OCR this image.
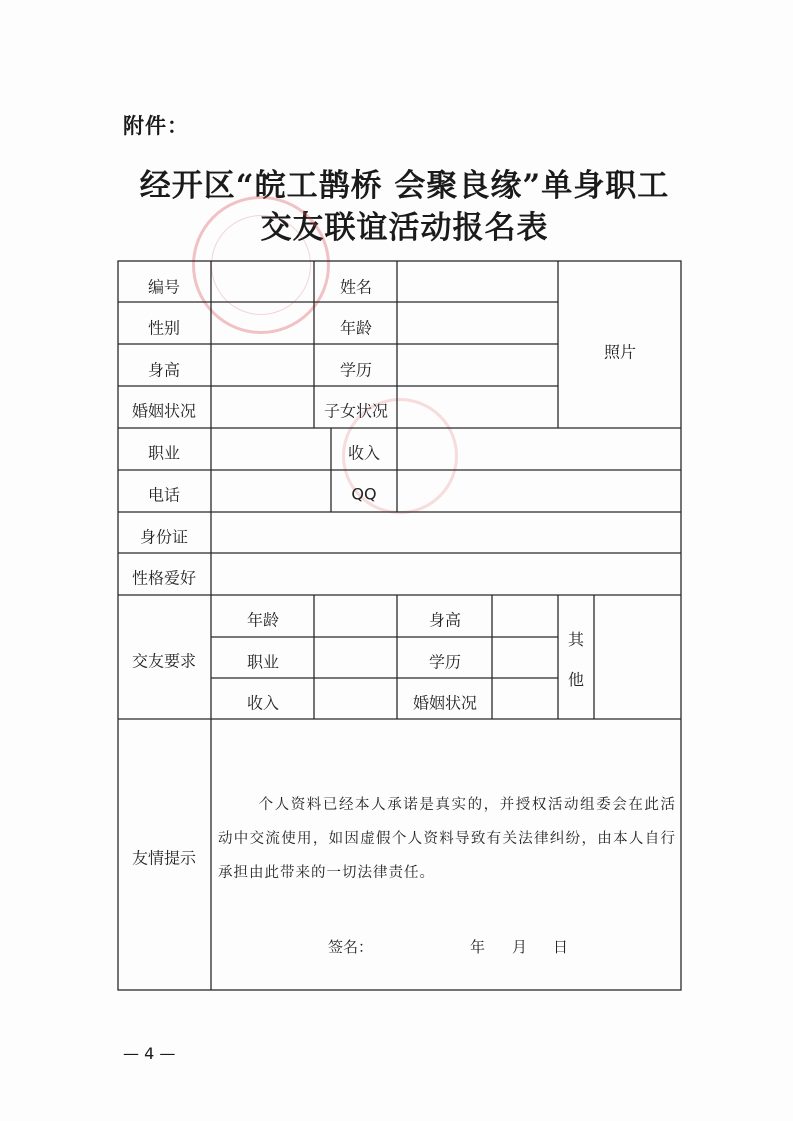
附件：
经开区“皖工鹊桥 会聚良缘”单身职工
交友联谊活动报名表
编号	姓名
性别	年龄
身高	学历
婚姻状况	子女状况
照片
职业	收入
电话	QQ
身份证
性格爱好
交友要求
年龄	身高
职业	学历
收入	婚姻状况
其他
友情提示
个人资料已经本人承诺是真实的，并授权活动组委会在此活动中交流使用，如因虚假个人资料导致有关法律纠纷，由本人自行承担由此带来的一切法律责任。
签名：	年 月 日
— 4 —
